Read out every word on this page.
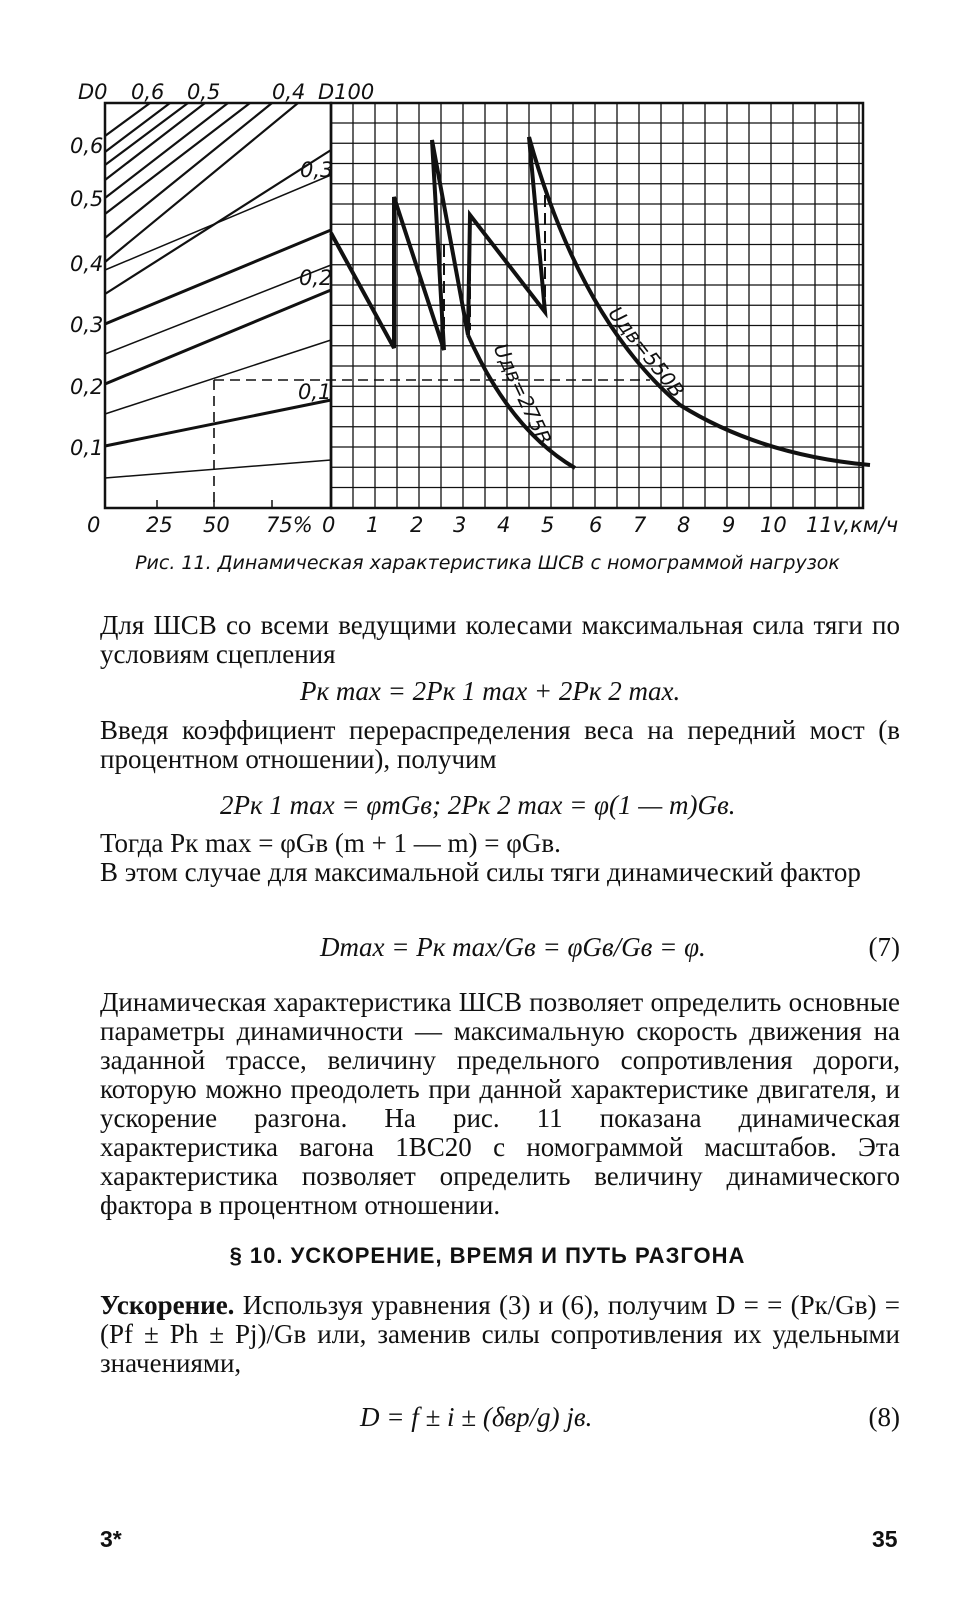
D0 0,6 0,5 0,4 D100
0,6
0,5
0,4
0,3
0,2
0,1
0 25 50 75% 0 1 2 3 4 5 6 7 8 9 10 11v,км/ч
0,3
0,2
0,1	Uдв=275В Uдв=550В
Рис. 11. Динамическая характеристика ШСВ с номограммой нагрузок
Для ШСВ со всеми ведущими колесами максимальная сила тяги по условиям сцепления
Pк max = 2Pк 1 max + 2Pк 2 max.
Введя коэффициент перераспределения веса на передний мост (в процентном отношении), получим
2Pк 1 max = φmGв; 2Pк 2 max = φ(1 — m)Gв.
Тогда Pк max = φGв (m + 1 — m) = φGв.
В этом случае для максимальной силы тяги динамический фактор
Dmax = Pк max/Gв = φGв/Gв = φ.	(7)
Динамическая характеристика ШСВ позволяет определить основные параметры динамичности — максимальную скорость движения на заданной трассе, величину предельного сопротивления дороги, которую можно преодолеть при данной характеристике двигателя, и ускорение разгона. На рис. 11 показана динамическая характеристика вагона 1ВС20 с номограммой масштабов. Эта характеристика позволяет определить величину динамического фактора в процентном отношении.
§ 10. УСКОРЕНИЕ, ВРЕМЯ И ПУТЬ РАЗГОНА
Ускорение. Используя уравнения (3) и (6), получим D = = (Pк/Gв) = (Pf ± Ph ± Pj)/Gв или, заменив силы сопротивления их удельными значениями,
D = f ± i ± (δвр/g) jв.	(8)
3*	35
